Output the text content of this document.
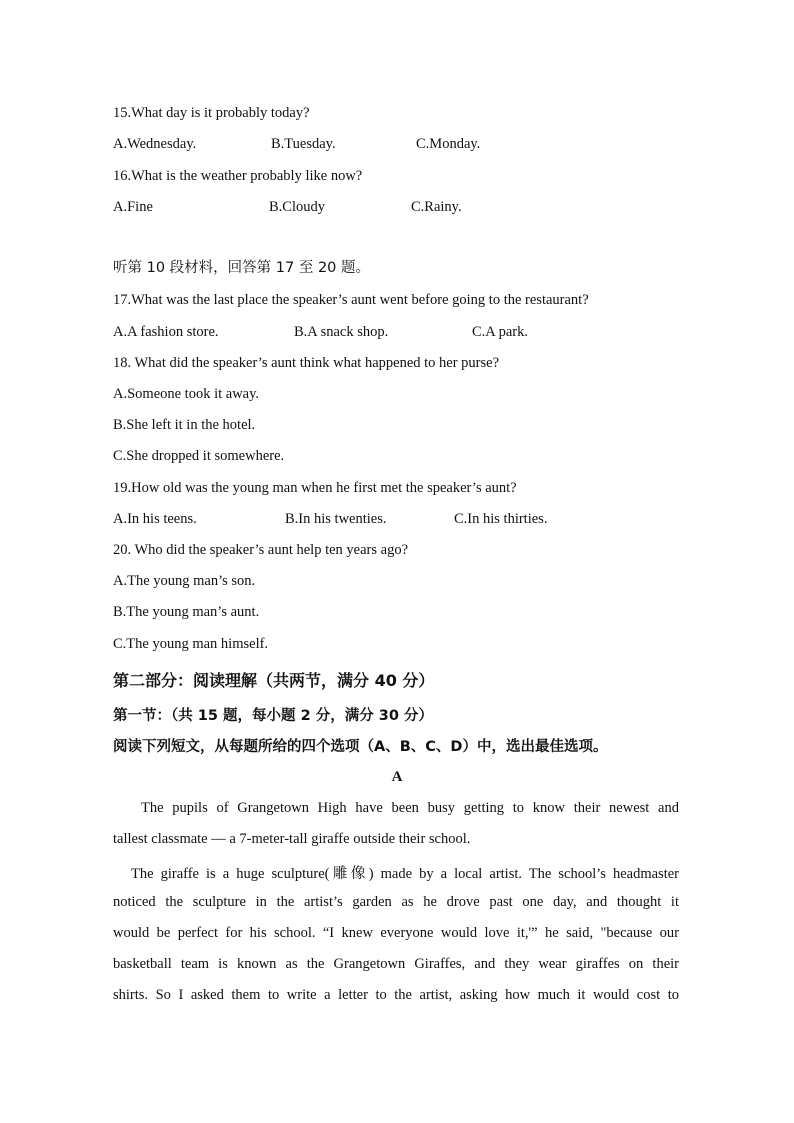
15.What day is it probably today?
A.Wednesday.	B.Tuesday.	C.Monday.
16.What is the weather probably like now?
A.Fine	B.Cloudy	C.Rainy.
听第 10 段材料，回答第 17 至 20 题。
17.What was the last place the speaker’s aunt went before going to the restaurant?
A.A fashion store.	B.A snack shop.	C.A park.
18. What did the speaker’s aunt think what happened to her purse?
A.Someone took it away.
B.She left it in the hotel.
C.She dropped it somewhere.
19.How old was the young man when he first met the speaker’s aunt?
A.In his teens.	B.In his twenties.	C.In his thirties.
20. Who did the speaker’s aunt help ten years ago?
A.The young man’s son.
B.The young man’s aunt.
C.The young man himself.
第二部分：阅读理解（共两节，满分 40 分）
第一节：（共 15 题，每小题 2 分，满分 30 分）
阅读下列短文，从每题所给的四个选项（A、B、C、D）中，选出最佳选项。
A
The pupils of Grangetown High have been busy getting to know their newest and
tallest classmate — a 7-meter-tall giraffe outside their school.
The giraffe is a huge sculpture(雕像) made by a local artist. The school’s headmaster
noticed the sculpture in the artist’s garden as he drove past one day, and thought it
would be perfect for his school. “I knew everyone would love it,'” he said, "because our
basketball team is known as the Grangetown Giraffes, and they wear giraffes on their
shirts. So I asked them to write a letter to the artist, asking how much it would cost to
